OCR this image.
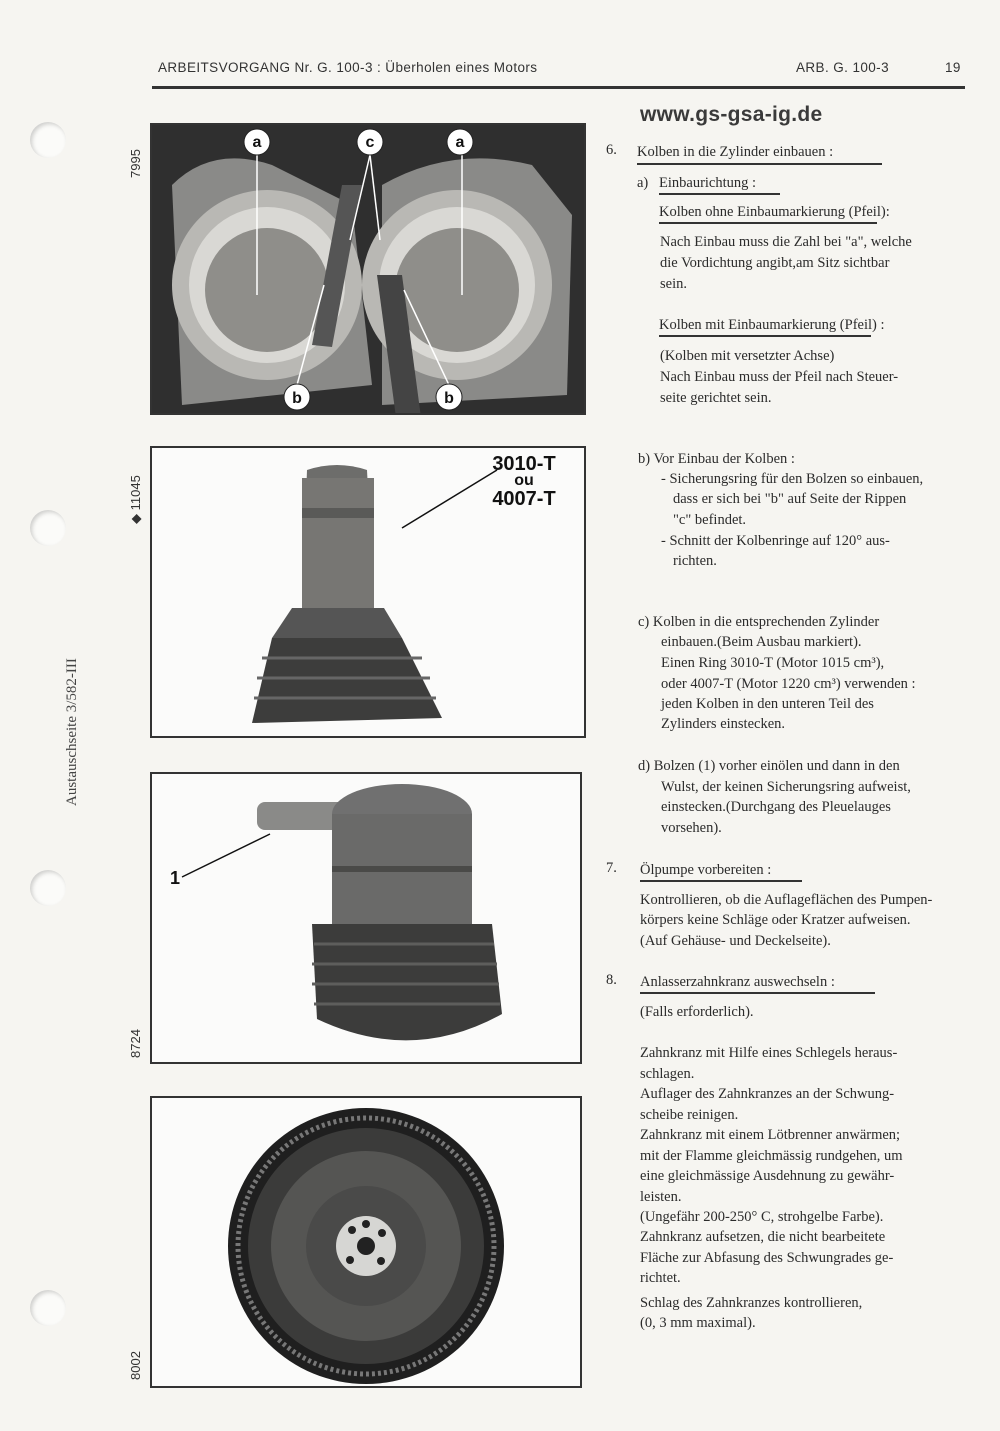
ARBEITSVORGANG Nr. G. 100-3 : Überholen eines Motors	ARB. G. 100-3	19
www.gs-gsa-ig.de
Austauschseite 3/582-III
7995
◆ 11045
8724
8002
a	c	a
b	b
3010-T
ou
4007-T
1
6. Kolben in die Zylinder einbauen :
a) Einbaurichtung :
Kolben ohne Einbaumarkierung (Pfeil):
Nach Einbau muss die Zahl bei "a", welche
die Vordichtung angibt,am Sitz sichtbar
sein.
Kolben mit Einbaumarkierung (Pfeil) :
(Kolben mit versetzter Achse)
Nach Einbau muss der Pfeil nach Steuer-
seite gerichtet sein.
b) Vor Einbau der Kolben :
- Sicherungsring für den Bolzen so einbauen,
dass er sich bei "b" auf Seite der Rippen
"c" befindet.
- Schnitt der Kolbenringe auf 120° aus-
richten.
c) Kolben in die entsprechenden Zylinder
einbauen.(Beim Ausbau markiert).
Einen Ring 3010-T (Motor 1015 cm³),
oder 4007-T (Motor 1220 cm³) verwenden :
jeden Kolben in den unteren Teil des
Zylinders einstecken.
d) Bolzen (1) vorher einölen und dann in den
Wulst, der keinen Sicherungsring aufweist,
einstecken.(Durchgang des Pleuelauges
vorsehen).
7. Ölpumpe vorbereiten :
Kontrollieren, ob die Auflageflächen des Pumpen-
körpers keine Schläge oder Kratzer aufweisen.
(Auf Gehäuse- und Deckelseite).
8. Anlasserzahnkranz auswechseln :
(Falls erforderlich).
Zahnkranz mit Hilfe eines Schlegels heraus-
schlagen.
Auflager des Zahnkranzes an der Schwung-
scheibe reinigen.
Zahnkranz mit einem Lötbrenner anwärmen;
mit der Flamme gleichmässig rundgehen, um
eine gleichmässige Ausdehnung zu gewähr-
leisten.
(Ungefähr 200-250° C, strohgelbe Farbe).
Zahnkranz aufsetzen, die nicht bearbeitete
Fläche zur Abfasung des Schwungrades ge-
richtet.
Schlag des Zahnkranzes kontrollieren,
(0, 3 mm maximal).
